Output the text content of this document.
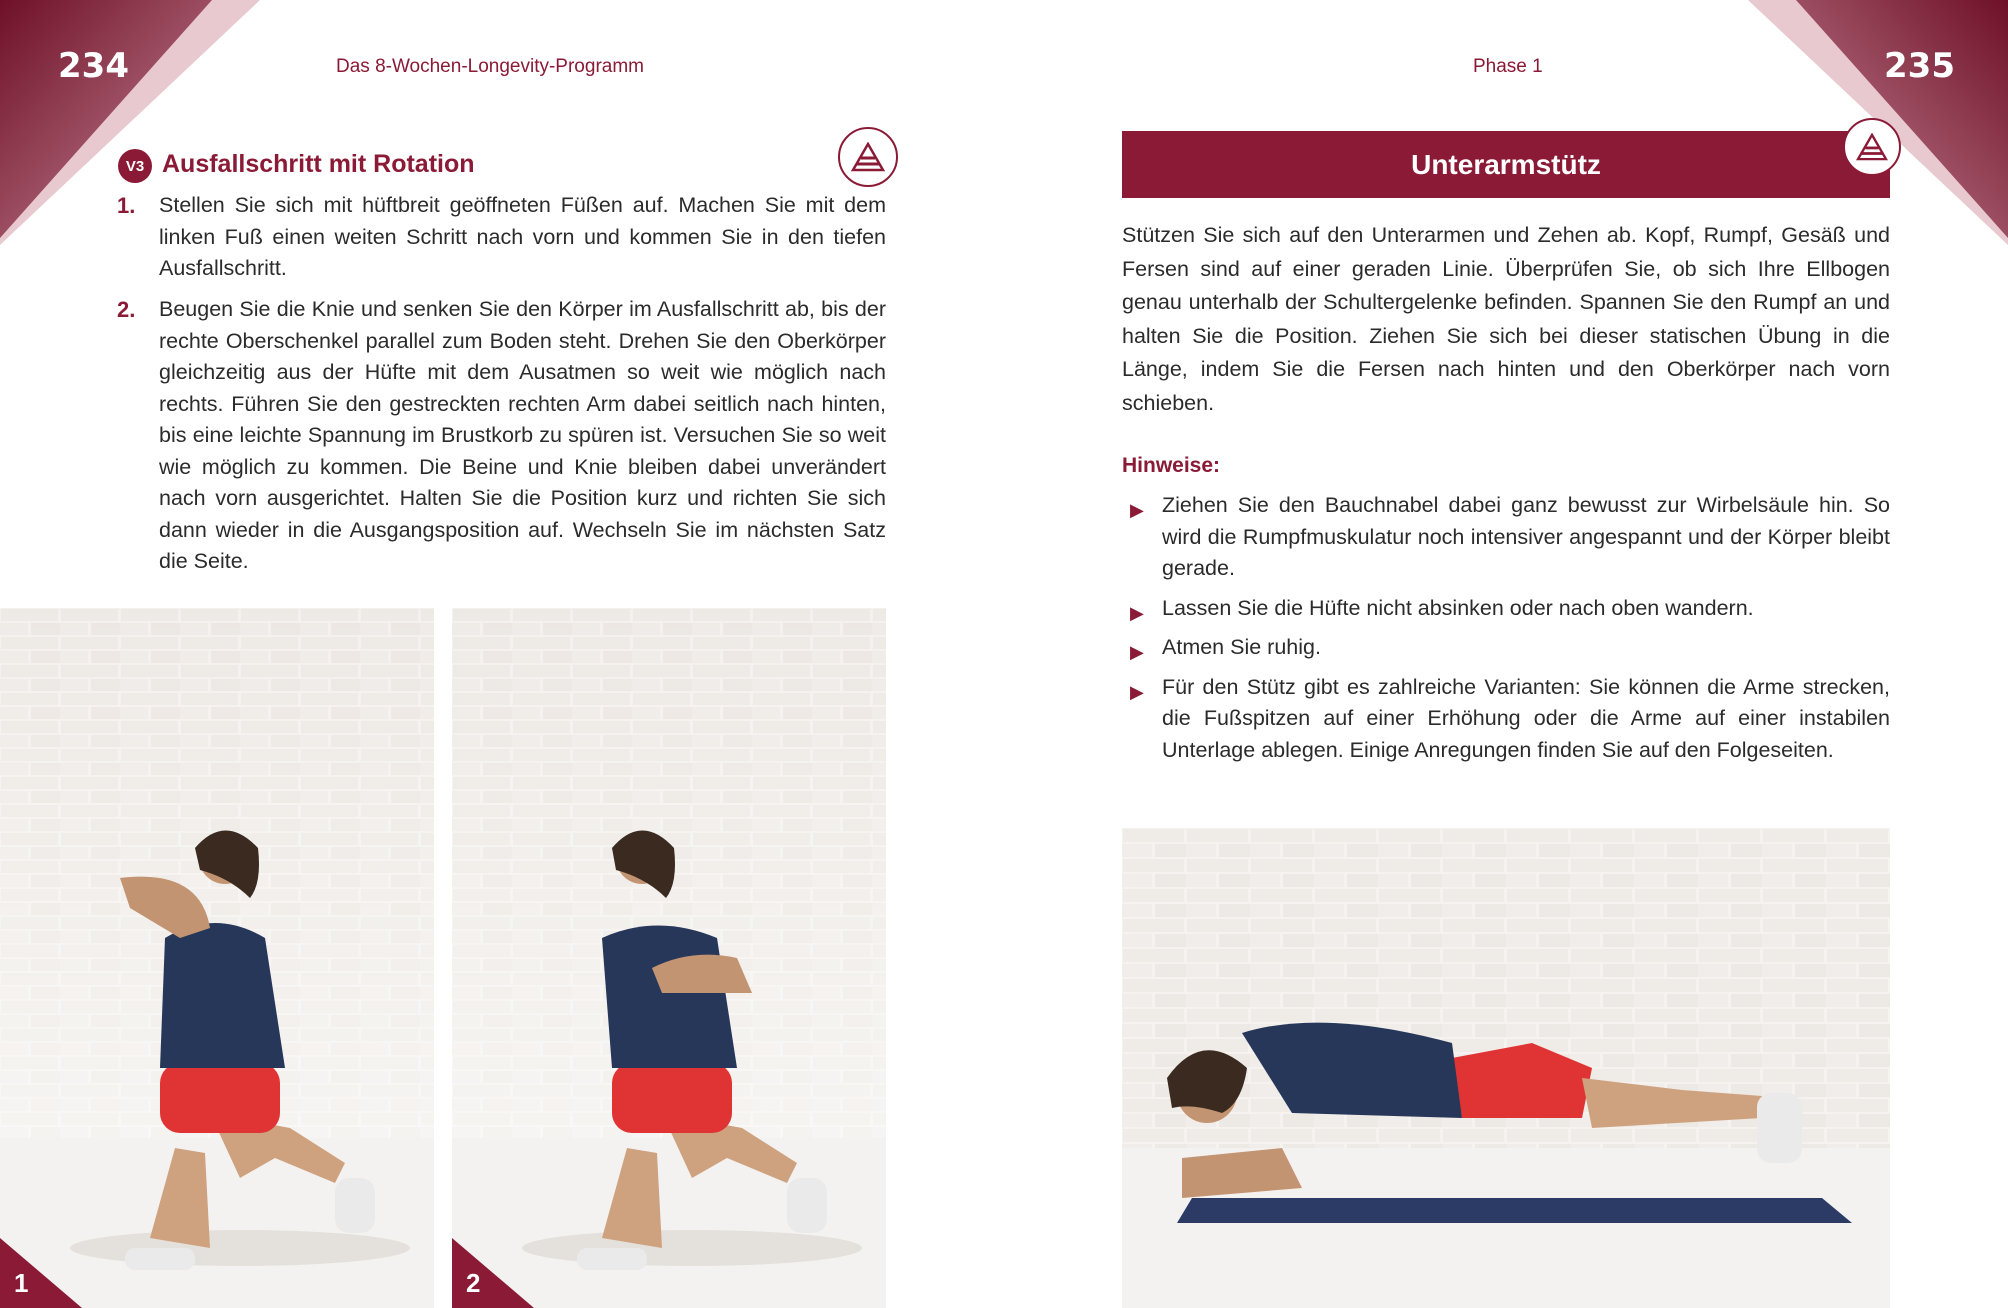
234	Das 8-Wochen-Longevity-Programm	Phase 1	235
V3 Ausfallschritt mit Rotation
1. Stellen Sie sich mit hüftbreit geöffneten Füßen auf. Machen Sie mit dem linken Fuß einen weiten Schritt nach vorn und kommen Sie in den tiefen Ausfallschritt.
2. Beugen Sie die Knie und senken Sie den Körper im Ausfallschritt ab, bis der rechte Oberschenkel parallel zum Boden steht. Drehen Sie den Oberkörper gleichzeitig aus der Hüfte mit dem Ausatmen so weit wie möglich nach rechts. Führen Sie den gestreckten rechten Arm dabei seitlich nach hinten, bis eine leichte Spannung im Brustkorb zu spüren ist. Versuchen Sie so weit wie möglich zu kommen. Die Beine und Knie bleiben dabei unverändert nach vorn ausgerichtet. Halten Sie die Position kurz und richten Sie sich dann wieder in die Ausgangsposition auf. Wechseln Sie im nächsten Satz die Seite.
1	2
Unterarmstütz
Stützen Sie sich auf den Unterarmen und Zehen ab. Kopf, Rumpf, Gesäß und Fersen sind auf einer geraden Linie. Überprüfen Sie, ob sich Ihre Ellbogen genau unterhalb der Schultergelenke befinden. Spannen Sie den Rumpf an und halten Sie die Position. Ziehen Sie sich bei dieser statischen Übung in die Länge, indem Sie die Fersen nach hinten und den Oberkörper nach vorn schieben.
Hinweise:
▶ Ziehen Sie den Bauchnabel dabei ganz bewusst zur Wirbelsäule hin. So wird die Rumpfmuskulatur noch intensiver angespannt und der Körper bleibt gerade.
▶ Lassen Sie die Hüfte nicht absinken oder nach oben wandern.
▶ Atmen Sie ruhig.
▶ Für den Stütz gibt es zahlreiche Varianten: Sie können die Arme strecken, die Fußspitzen auf einer Erhöhung oder die Arme auf einer instabilen Unterlage ablegen. Einige Anregungen finden Sie auf den Folgeseiten.
